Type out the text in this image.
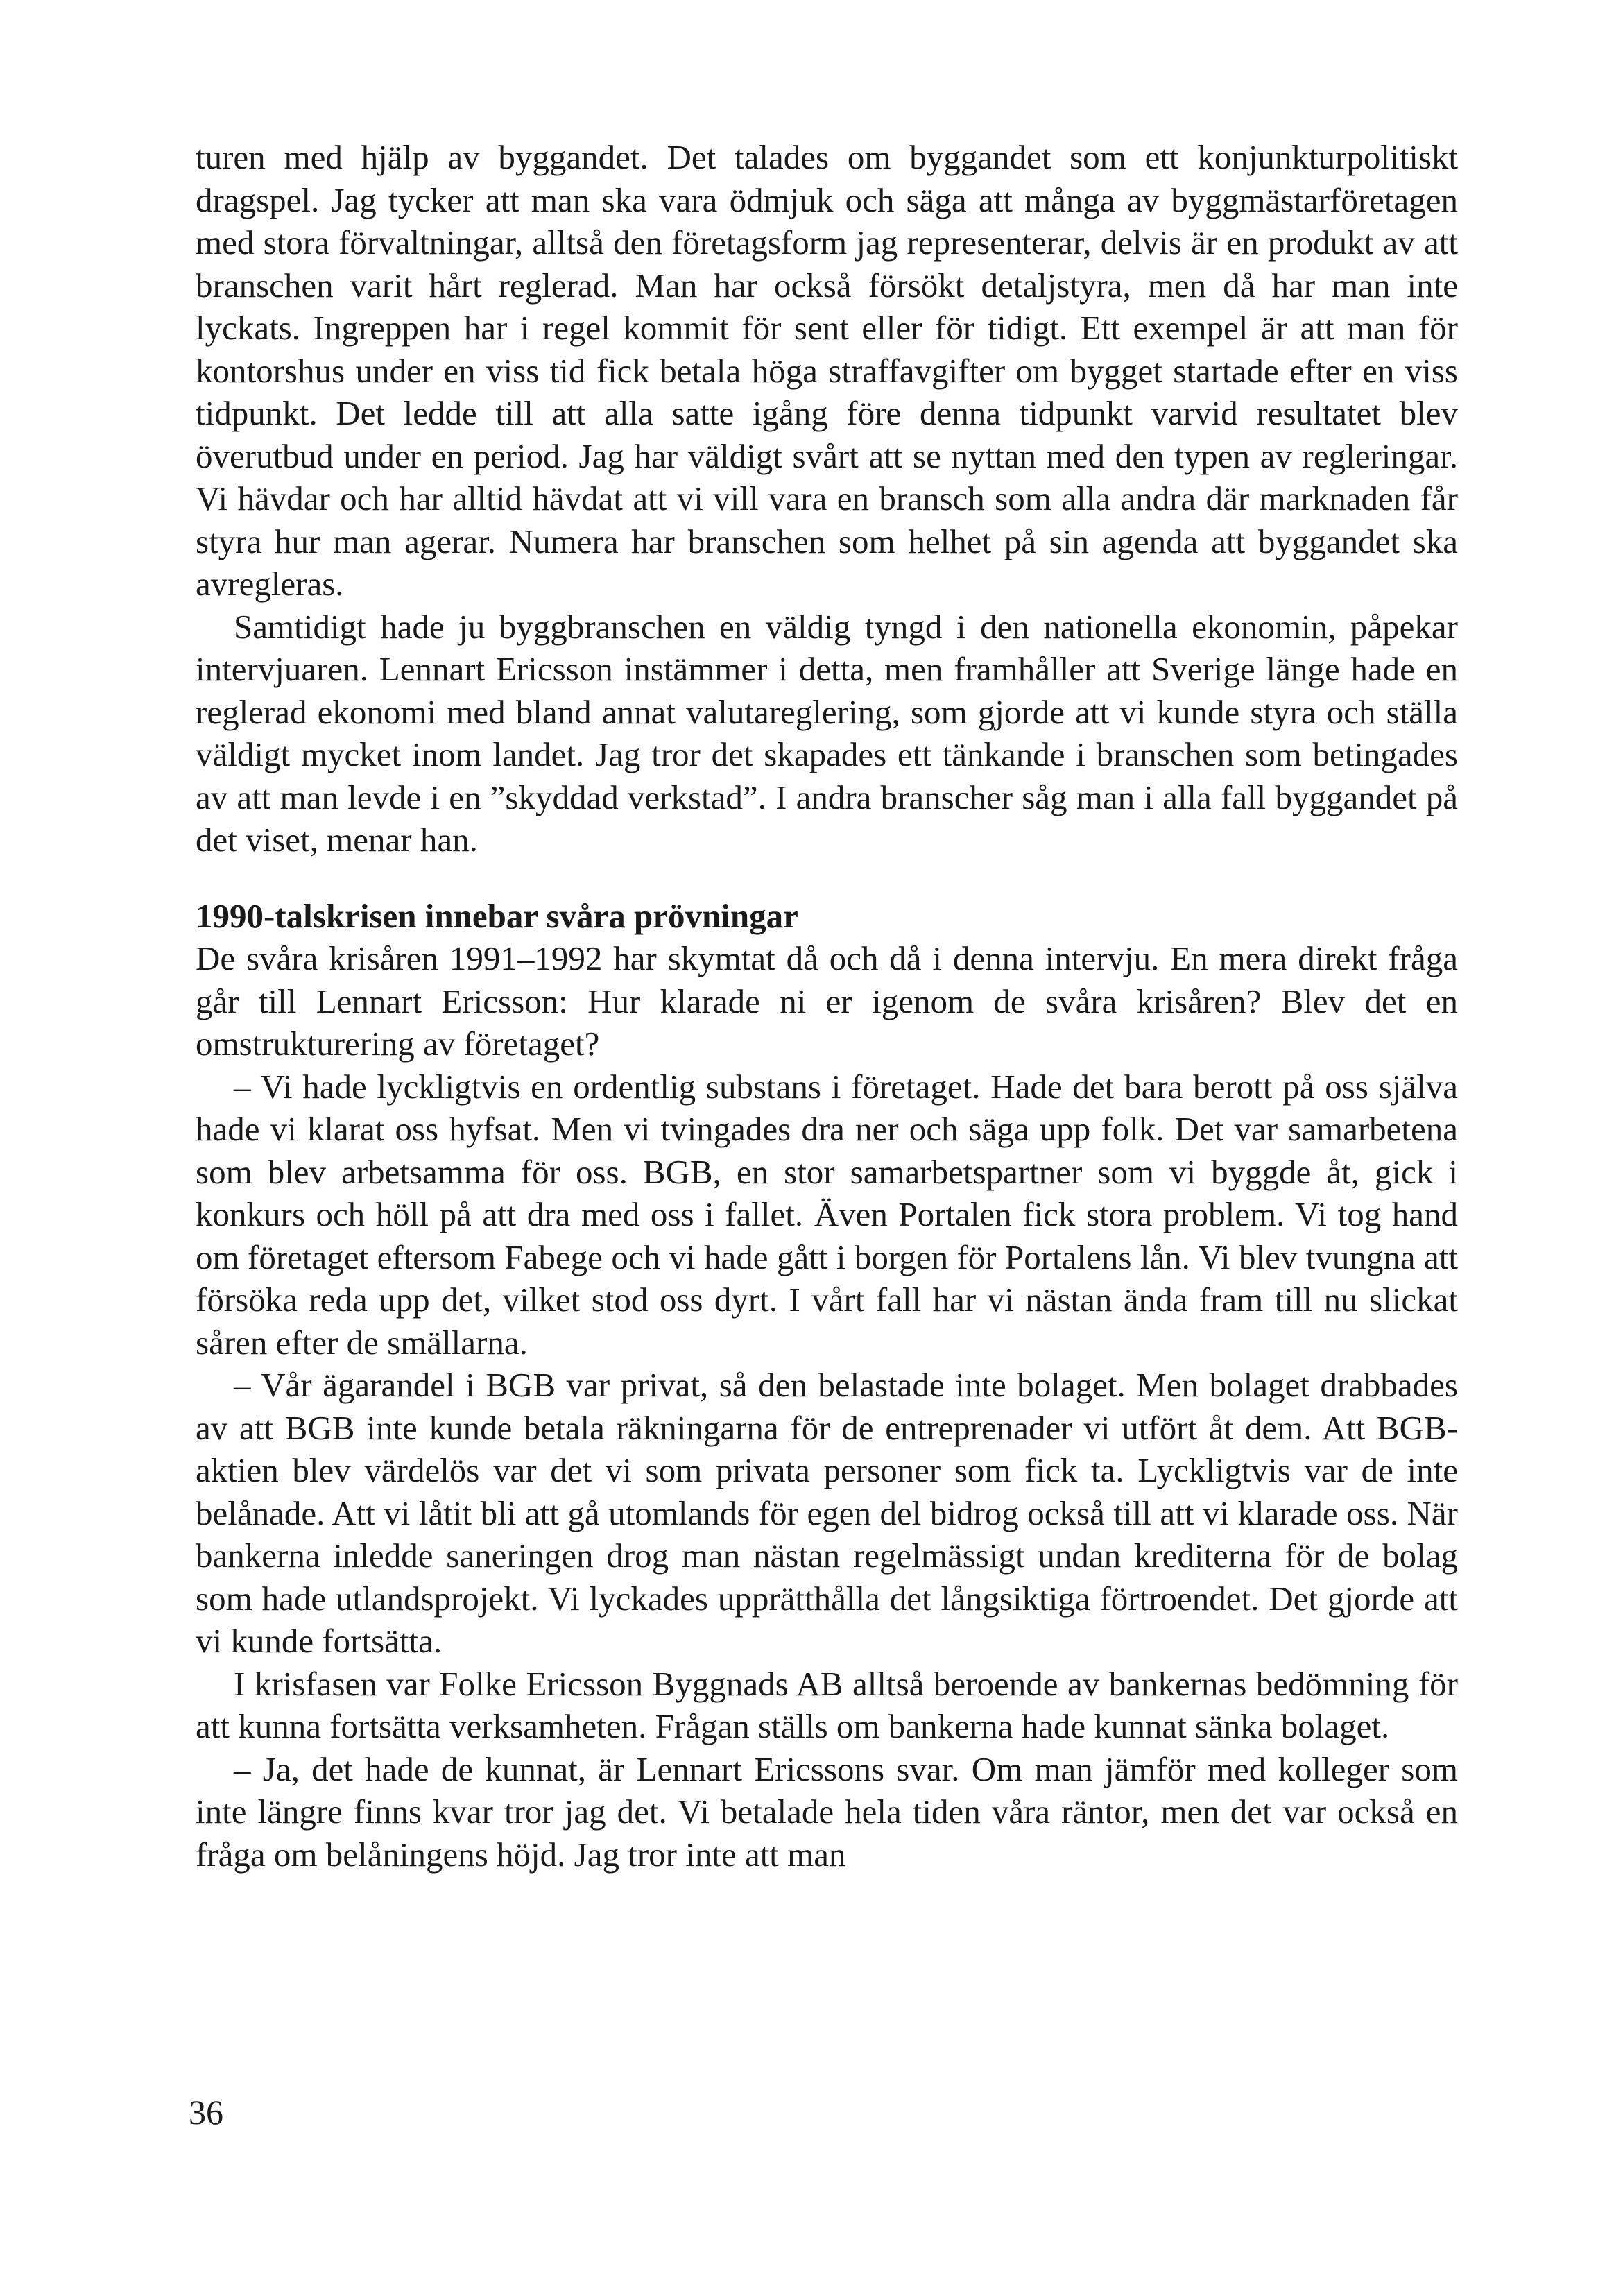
turen med hjälp av byggandet. Det talades om byggandet som ett konjunkturpolitiskt dragspel. Jag tycker att man ska vara ödmjuk och säga att många av byggmästarföretagen med stora förvaltningar, alltså den företagsform jag representerar, delvis är en produkt av att branschen varit hårt reglerad. Man har också försökt detaljstyra, men då har man inte lyckats. Ingreppen har i regel kommit för sent eller för tidigt. Ett exempel är att man för kontorshus under en viss tid fick betala höga straffavgifter om bygget startade efter en viss tidpunkt. Det ledde till att alla satte igång före denna tidpunkt varvid resultatet blev överutbud under en period. Jag har väldigt svårt att se nyttan med den typen av regleringar. Vi hävdar och har alltid hävdat att vi vill vara en bransch som alla andra där marknaden får styra hur man agerar. Numera har branschen som helhet på sin agenda att byggandet ska avregleras.

Samtidigt hade ju byggbranschen en väldig tyngd i den nationella ekonomin, påpekar intervjuaren. Lennart Ericsson instämmer i detta, men framhåller att Sverige länge hade en reglerad ekonomi med bland annat valutareglering, som gjorde att vi kunde styra och ställa väldigt mycket inom landet. Jag tror det skapades ett tänkande i branschen som betingades av att man levde i en ”skyddad verkstad”. I andra branscher såg man i alla fall byggandet på det viset, menar han.

1990-talskrisen innebar svåra prövningar

De svåra krisåren 1991–1992 har skymtat då och då i denna intervju. En mera direkt fråga går till Lennart Ericsson: Hur klarade ni er igenom de svåra krisåren? Blev det en omstrukturering av företaget?

– Vi hade lyckligtvis en ordentlig substans i företaget. Hade det bara berott på oss själva hade vi klarat oss hyfsat. Men vi tvingades dra ner och säga upp folk. Det var samarbetena som blev arbetsamma för oss. BGB, en stor samarbetspartner som vi byggde åt, gick i konkurs och höll på att dra med oss i fallet. Även Portalen fick stora problem. Vi tog hand om företaget eftersom Fabege och vi hade gått i borgen för Portalens lån. Vi blev tvungna att försöka reda upp det, vilket stod oss dyrt. I vårt fall har vi nästan ända fram till nu slickat såren efter de smällarna.

– Vår ägarandel i BGB var privat, så den belastade inte bolaget. Men bolaget drabbades av att BGB inte kunde betala räkningarna för de entreprenader vi utfört åt dem. Att BGB-aktien blev värdelös var det vi som privata personer som fick ta. Lyckligtvis var de inte belånade. Att vi låtit bli att gå utomlands för egen del bidrog också till att vi klarade oss. När bankerna inledde saneringen drog man nästan regelmässigt undan krediterna för de bolag som hade utlandsprojekt. Vi lyckades upprätthålla det långsiktiga förtroendet. Det gjorde att vi kunde fortsätta.

I krisfasen var Folke Ericsson Byggnads AB alltså beroende av bankernas bedömning för att kunna fortsätta verksamheten. Frågan ställs om bankerna hade kunnat sänka bolaget.

– Ja, det hade de kunnat, är Lennart Ericssons svar. Om man jämför med kolleger som inte längre finns kvar tror jag det. Vi betalade hela tiden våra räntor, men det var också en fråga om belåningens höjd. Jag tror inte att man

36
